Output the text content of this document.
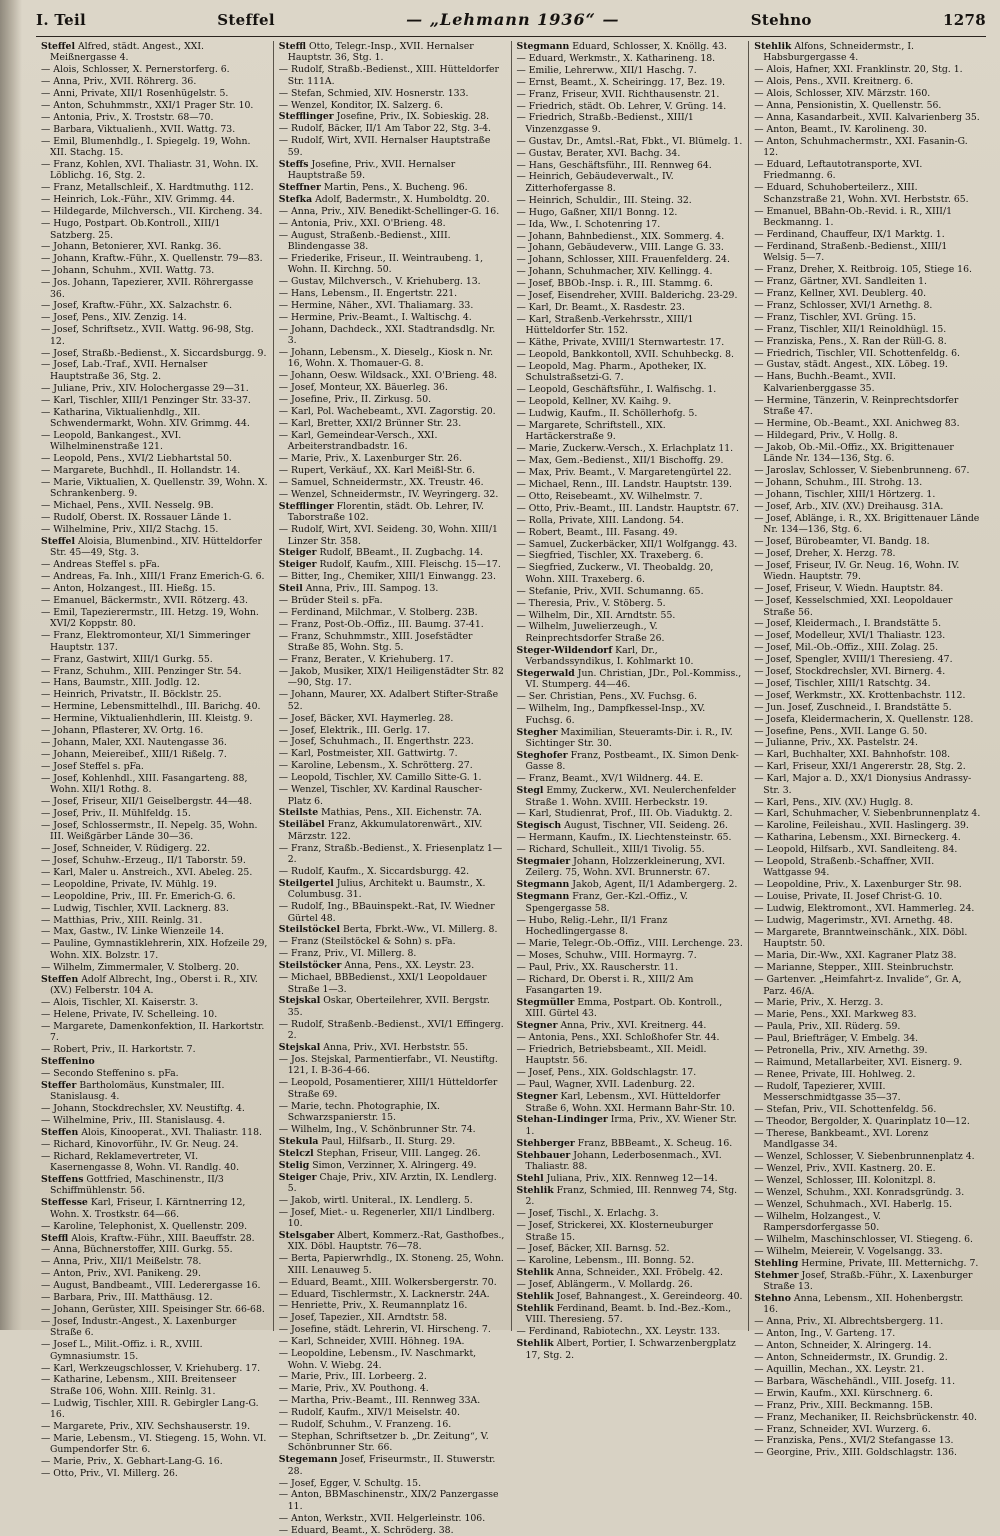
I. Teil	Steffel	— „Lehmann 1936“ —	Stehno	1278
Steffel Alfred, städt. Angest., XXI. Meißnergasse 4.
— Alois, Schlosser, X. Pernerstorferg. 6.
— Anna, Priv., XVII. Röhrerg. 36.
— Anni, Private, XII/1 Rosenhügelstr. 5.
— Anton, Schuhmmstr., XXI/1 Prager Str. 10.
— Antonia, Priv., X. Troststr. 68—70.
— Barbara, Viktualienh., XVII. Wattg. 73.
— Emil, Blumenhdlg., I. Spiegelg. 19, Wohn. XII. Stachg. 15.
— Franz, Kohlen, XVI. Thaliastr. 31, Wohn. IX. Löblichg. 16, Stg. 2.
— Franz, Metallschleif., X. Hardtmuthg. 112.
— Heinrich, Lok.-Führ., XIV. Grimmg. 44.
— Hildegarde, Milchversch., VII. Kircheng. 34.
— Hugo, Postpart. Ob.Kontroll., XIII/1 Satzberg. 25.
— Johann, Betonierer, XVI. Rankg. 36.
— Johann, Kraftw.-Führ., X. Quellenstr. 79—83.
— Johann, Schuhm., XVII. Wattg. 73.
— Jos. Johann, Tapezierer, XVII. Röhrergasse 36.
— Josef, Kraftw.-Führ., XX. Salzachstr. 6.
— Josef, Pens., XIV. Zenzig. 14.
— Josef, Schriftsetz., XVII. Wattg. 96-98, Stg. 12.
— Josef, Straßb.-Bedienst., X. Siccardsburgg. 9.
— Josef, Lab.-Traf., XVII. Hernalser Hauptstraße 36, Stg. 2.
— Juliane, Priv., XIV. Holochergasse 29—31.
— Karl, Tischler, XIII/1 Penzinger Str. 33-37.
— Katharina, Viktualienhdlg., XII. Schwendermarkt, Wohn. XIV. Grimmg. 44.
— Leopold, Bankangest., XVI. Wilhelminenstraße 121.
— Leopold, Pens., XVI/2 Liebhartstal 50.
— Margarete, Buchhdl., II. Hollandstr. 14.
— Marie, Viktualien, X. Quellenstr. 39, Wohn. X. Schrankenberg. 9.
— Michael, Pens., XVII. Nesselg. 9B.
— Rudolf, Oberst. IX. Rossauer Lände 1.
— Wilhelmine, Priv., XII/2 Stachg. 15.
Steffel Aloisia, Blumenbind., XIV. Hütteldorfer Str. 45—49, Stg. 3.
— Andreas Steffel s. pFa.
— Andreas, Fa. Inh., XIII/1 Franz Emerich-G. 6.
— Anton, Holzangest., III. Hießg. 15.
— Emanuel, Bäckermstr., XVII. Rötzerg. 43.
— Emil, Tapezierermstr., III. Hetzg. 19, Wohn. XVI/2 Koppstr. 80.
— Franz, Elektromonteur, XI/1 Simmeringer Hauptstr. 137.
— Franz, Gastwirt, XIII/1 Gurkg. 55.
— Franz, Schuhm., XIII. Penzinger Str. 54.
— Hans, Baumstr., XIII. Jodlg. 12.
— Heinrich, Privatstr., II. Böcklstr. 25.
— Hermine, Lebensmittelhdl., III. Barichg. 40.
— Hermine, Viktualienhdlerin, III. Kleistg. 9.
— Johann, Pflasterer, XV. Ortg. 16.
— Johann, Maler, XXI. Nautengasse 36.
— Johann, Meiereibef., XIII/1 Rißelg. 7.
— Josef Steffel s. pFa.
— Josef, Kohlenhdl., XIII. Fasangarteng. 88, Wohn. XII/1 Rothg. 8.
— Josef, Friseur, XII/1 Geiselbergstr. 44—48.
— Josef, Priv., II. Mühlfeldg. 15.
— Josef, Schlossermstr., II. Nepelg. 35, Wohn. III. Weißgärber Lände 30—36.
— Josef, Schneider, V. Rüdigerg. 22.
— Josef, Schuhw.-Erzeug., II/1 Taborstr. 59.
— Karl, Maler u. Anstreich., XVI. Abeleg. 25.
— Leopoldine, Private, IV. Mühlg. 19.
— Leopoldine, Priv., III. Fr. Emerich-G. 6.
— Ludwig, Tischler, XVII. Lacknerg. 83.
— Matthias, Priv., XIII. Reinlg. 31.
— Max, Gastw., IV. Linke Wienzeile 14.
— Pauline, Gymnastiklehrerin, XIX. Hofzeile 29, Wohn. XIX. Bolzstr. 17.
— Wilhelm, Zimmermaler, V. Stolberg. 20.
Steffen Adolf Albrecht, Ing., Oberst i. R., XIV. (XV.) Felberstr. 104 A.
— Alois, Tischler, XI. Kaiserstr. 3.
— Helene, Private, IV. Schelleing. 10.
— Margarete, Damenkonfektion, II. Harkortstr. 7.
— Robert, Priv., II. Harkortstr. 7.
Steffenino
— Secondo Steffenino s. pFa.
Steffer Bartholomäus, Kunstmaler, III. Stanislausg. 4.
— Johann, Stockdrechsler, XV. Neustiftg. 4.
— Wilhelmine, Priv., III. Stanislausg. 4.
Steffen Alois, Kinooperat., XVI. Thaliastr. 118.
— Richard, Kinovorführ., IV. Gr. Neug. 24.
— Richard, Reklamevertreter, VI. Kasernengasse 8, Wohn. VI. Randlg. 40.
Steffens Gottfried, Maschinenstr., II/3 Schiffmühlenstr. 56.
Steffesse Karl, Friseur, I. Kärntnerring 12, Wohn. X. Trostkstr. 64—66.
— Karoline, Telephonist, X. Quellenstr. 209.
Steffl Alois, Kraftw.-Führ., XIII. Baeuffstr. 28.
— Anna, Büchnerstoffer, XIII. Gurkg. 55.
— Anna, Priv., XII/1 Meißelstr. 78.
— Anton, Priv., XVI. Panikeng. 29.
— August, Bandbeamt., VIII. Lederergasse 16.
— Barbara, Priv., III. Matthäusg. 12.
— Johann, Gerüster, XIII. Speisinger Str. 66-68.
— Josef, Industr.-Angest., X. Laxenburger Straße 6.
— Josef L., Milit.-Offiz. i. R., XVIII. Gymnasiumstr. 15.
— Karl, Werkzeugschlosser, V. Kriehuberg. 17.
— Katharine, Lebensm., XIII. Breitenseer Straße 106, Wohn. XIII. Reinlg. 31.
— Ludwig, Tischler, XIII. R. Gebirgler Lang-G. 16.
— Margarete, Priv., XIV. Sechshauserstr. 19.
— Marie, Lebensm., VI. Stiegeng. 15, Wohn. VI. Gumpendorfer Str. 6.
— Marie, Priv., X. Gebhart-Lang-G. 16.
— Otto, Priv., VI. Millerg. 26.
Steffl Otto, Telegr.-Insp., XVII. Hernalser Hauptstr. 36, Stg. 1.
— Rudolf, Straßb.-Bedienst., XIII. Hütteldorfer Str. 111A.
— Stefan, Schmied, XIV. Hosnerstr. 133.
— Wenzel, Konditor, IX. Salzerg. 6.
Stefflinger Josefine, Priv., IX. Sobieskig. 28.
— Rudolf, Bäcker, II/1 Am Tabor 22, Stg. 3-4.
— Rudolf, Wirt, XVII. Hernalser Hauptstraße 59.
Steffs Josefine, Priv., XVII. Hernalser Hauptstraße 59.
Steffner Martin, Pens., X. Bucheng. 96.
Stefka Adolf, Badermstr., X. Humboldtg. 20.
— Anna, Priv., XIV. Benedikt-Schellinger-G. 16.
— Antonia, Priv., XXI. O'Brieng. 48.
— August, Straßenb.-Bedienst., XIII. Blindengasse 38.
— Friederike, Friseur., II. Weintraubeng. 1, Wohn. II. Kirchng. 50.
— Gustav, Milchversch., V. Kriehuberg. 13.
— Hans, Lebensm., II. Engertstr. 221.
— Hermine, Näher., XVI. Thaliamarg. 33.
— Hermine, Priv.-Beamt., I. Waltischg. 4.
— Johann, Dachdeck., XXI. Stadtrandsdlg. Nr. 3.
— Johann, Lebensm., X. Dieselg., Kiosk n. Nr. 16, Wohn. X. Thomauer-G. 8.
— Johann, Oesw. Wildsack., XXI. O'Brieng. 48.
— Josef, Monteur, XX. Bäuerleg. 36.
— Josefine, Priv., II. Zirkusg. 50.
— Karl, Pol. Wachebeamt., XVI. Zagorstig. 20.
— Karl, Bretter, XXI/2 Brünner Str. 23.
— Karl, Gemeindear-Versch., XXI. Arbeiterstrandbadstr. 16.
— Marie, Priv., X. Laxenburger Str. 26.
— Rupert, Verkäuf., XX. Karl Meißl-Str. 6.
— Samuel, Schneidermstr., XX. Treustr. 46.
— Wenzel, Schneidermstr., IV. Weyringerg. 32.
Stefflinger Florentin, städt. Ob. Lehrer, IV. Taborstraße 102.
— Rudolf, Wirt, XVI. Seideng. 30, Wohn. XIII/1 Linzer Str. 358.
Steiger Rudolf, BBeamt., II. Zugbachg. 14.
Steiger Rudolf, Kaufm., XIII. Fleischg. 15—17.
— Bitter, Ing., Chemiker, XIII/1 Einwangg. 23.
Steil Anna, Priv., III. Sampog. 13.
— Brüder Steil s. pFa.
— Ferdinand, Milchmar., V. Stolberg. 23B.
— Franz, Post-Ob.-Offiz., III. Baumg. 37-41.
— Franz, Schuhmmstr., XIII. Josefstädter Straße 85, Wohn. Stg. 5.
— Franz, Berater., V. Kriehuberg. 17.
— Jakob, Musiker, XIX/1 Heiligenstädter Str. 82—90, Stg. 17.
— Johann, Maurer, XX. Adalbert Stifter-Straße 52.
— Josef, Bäcker, XVI. Haymerleg. 28.
— Josef, Elektrik., III. Gerlg. 17.
— Josef, Schuhmach., II. Engerthstr. 223.
— Karl, Postmeister, XII. Gattwirtg. 7.
— Karoline, Lebensm., X. Schrötterg. 27.
— Leopold, Tischler, XV. Camillo Sitte-G. 1.
— Wenzel, Tischler, XV. Kardinal Rauscher-Platz 6.
Steilste Mathias, Pens., XII. Eichenstr. 7A.
Steiläbel Franz, Akkumulatorenwärt., XIV. Märzstr. 122.
— Franz, Straßb.-Bedienst., X. Friesenplatz 1—2.
— Rudolf, Kaufm., X. Siccardsburgg. 42.
Steilgertel Julius, Architekt u. Baumstr., X. Columbusg. 31.
— Rudolf, Ing., BBauinspekt.-Rat, IV. Wiedner Gürtel 48.
Steilstöckel Berta, Fbrkt.-Ww., VI. Millerg. 8.
— Franz (Steilstöckel & Sohn) s. pFa.
— Franz, Priv., VI. Millerg. 8.
Steilstöcker Anna, Pens., XX. Leystr. 23.
— Michael, BBBedienst., XXI/1 Leopoldauer Straße 1—3.
Stejskal Oskar, Oberteilehrer, XVII. Bergstr. 35.
— Rudolf, Straßenb.-Bedienst., XVI/1 Effingerg. 2.
Stejskal Anna, Priv., XVI. Herbststr. 55.
— Jos. Stejskal, Parmentierfabr., VI. Neustiftg. 121, I. B-36-4-66.
— Leopold, Posamentierer, XIII/1 Hütteldorfer Straße 69.
— Marie, techn. Photographie, IX. Schwarzspanierstr. 15.
— Wilhelm, Ing., V. Schönbrunner Str. 74.
Stekula Paul, Hilfsarb., II. Sturg. 29.
Stelczl Stephan, Friseur, VIII. Langeg. 26.
Stelig Simon, Verzinner, X. Alringerg. 49.
Steiger Chaje, Priv., XIV. Arztin, IX. Lendlerg. 5.
— Jakob, wirtl. Uniteral., IX. Lendlerg. 5.
— Josef, Miet.- u. Regenerler, XII/1 Lindlberg. 10.
Stelsgaber Albert, Kommerz.-Rat, Gasthofbes., XIX. Döbl. Hauptstr. 76—78.
— Berta, Papierwrhdlg., IX. Stoneng. 25, Wohn. XIII. Lenauweg 5.
— Eduard, Beamt., XIII. Wolkersbergerstr. 70.
— Eduard, Tischlermstr., X. Lacknerstr. 24A.
— Henriette, Priv., X. Reumannplatz 16.
— Josef, Tapezier., XII. Arndtstr. 58.
— Josefine, städt. Lehrerin, VI. Hirscheng. 7.
— Karl, Schneider, XVIII. Höhneg. 19A.
— Leopoldine, Lebensm., IV. Naschmarkt, Wohn. V. Wiebg. 24.
— Marie, Priv., III. Lorbeerg. 2.
— Marie, Priv., XV. Pouthong. 4.
— Martha, Priv.-Beamt., III. Rennweg 33A.
— Rudolf, Kaufm., XIV/1 Meiselstr. 40.
— Rudolf, Schuhm., V. Franzeng. 16.
— Stephan, Schriftsetzer b. „Dr. Zeitung“, V. Schönbrunner Str. 66.
Stegemann Josef, Friseurmstr., II. Stuwerstr. 28.
— Josef, Egger, V. Schultg. 15.
— Anton, BBMaschinenstr., XIX/2 Panzergasse 11.
— Anton, Werkstr., XVII. Helgerleinstr. 106.
— Eduard, Beamt., X. Schröderg. 38.
Stegmann Eduard, Schlosser, X. Knöllg. 43.
— Eduard, Werkmstr., X. Katharineng. 18.
— Emilie, Lehrerww., XII/1 Haschg. 7.
— Ernst, Beamt., X. Scheiringg. 17, Bez. 19.
— Franz, Friseur, XVII. Richthausenstr. 21.
— Friedrich, städt. Ob. Lehrer, V. Grüng. 14.
— Friedrich, Straßb.-Bedienst., XIII/1 Vinzenzgasse 9.
— Gustav, Dr., Amtsl.-Rat, Fbkt., VI. Blümelg. 1.
— Gustav, Berater, XVI. Bachg. 34.
— Hans, Geschäftsführ., III. Rennweg 64.
— Heinrich, Gebäudeverwalt., IV. Zitterhofergasse 8.
— Heinrich, Schuldir., III. Steing. 32.
— Hugo, Gaßner, XII/1 Bonng. 12.
— Ida, Ww., I. Schotenring 17.
— Johann, Bahnbedienst., XIX. Sommerg. 4.
— Johann, Gebäudeverw., VIII. Lange G. 33.
— Johann, Schlosser, XIII. Frauenfelderg. 24.
— Johann, Schuhmacher, XIV. Kellingg. 4.
— Josef, BBOb.-Insp. i. R., III. Stammg. 6.
— Josef, Eisendreher, XVIII. Balderichg. 23-29.
— Karl, Dr. Beamt., X. Rasdestr. 23.
— Karl, Straßenb.-Verkehrsstr., XIII/1 Hütteldorfer Str. 152.
— Käthe, Private, XVIII/1 Sternwartestr. 17.
— Leopold, Bankkontoll, XVII. Schuhbeckg. 8.
— Leopold, Mag. Pharm., Apotheker, IX. Schulstraßsetzi-G. 7.
— Leopold, Geschäftsführ., I. Walfischg. 1.
— Leopold, Kellner, XV. Kaihg. 9.
— Ludwig, Kaufm., II. Schöllerhofg. 5.
— Margarete, Schriftstell., XIX. Hartäckerstraße 9.
— Marie, Zuckerw.-Versch., X. Erlachplatz 11.
— Max, Gem.-Bedienst., XII/1 Bischoffg. 29.
— Max, Priv. Beamt., V. Margaretengürtel 22.
— Michael, Renn., III. Landstr. Hauptstr. 139.
— Otto, Reisebeamt., XV. Wilhelmstr. 7.
— Otto, Priv.-Beamt., III. Landstr. Hauptstr. 67.
— Rolla, Private, XIII. Landong. 54.
— Robert, Beamt., III. Fasang. 49.
— Samuel, Zuckerbäcker, XII/1 Wolfgangg. 43.
— Siegfried, Tischler, XX. Traxeberg. 6.
— Siegfried, Zuckerw., VI. Theobaldg. 20, Wohn. XIII. Traxeberg. 6.
— Stefanie, Priv., XVII. Schumanng. 65.
— Theresia, Priv., V. Stöberg. 5.
— Wilhelm, Dir., XII. Arndtstr. 55.
— Wilhelm, Juwelierzeugh., V. Reinprechtsdorfer Straße 26.
Steger-Wildendorf Karl, Dr., Verbandssyndikus, I. Kohlmarkt 10.
Stegerwald Jun. Christian, JDr., Pol.-Kommiss., VI. Stumperg. 44—46.
— Ser. Christian, Pens., XV. Fuchsg. 6.
— Wilhelm, Ing., Dampfkessel-Insp., XV. Fuchsg. 6.
Stegher Maximilian, Steueramts-Dir. i. R., IV. Sichtinger Str. 30.
Steghofer Franz, Postbeamt., IX. Simon Denk-Gasse 8.
— Franz, Beamt., XV/1 Wildnerg. 44. E.
Stegl Emmy, Zuckerw., XVI. Neulerchenfelder Straße 1. Wohn. XVIII. Herbeckstr. 19.
— Karl, Studienrat, Prof., III. Ob. Viaduktg. 2.
Stegisch August, Tischner, VII. Seideng. 26.
— Hermann, Kaufm., IX. Liechtensteinstr. 65.
— Richard, Schulleit., XIII/1 Tivolig. 55.
Stegmaier Johann, Holzzerkleinerung, XVI. Zeilerg. 75, Wohn. XVI. Brunnerstr. 67.
Stegmann Jakob, Agent, II/1 Adambergerg. 2.
Stegmann Franz, Ger.-Kzl.-Offiz., V. Spengergasse 58.
— Hubo, Relig.-Lehr., II/1 Franz Hochedlingergasse 8.
— Marie, Telegr.-Ob.-Offiz., VIII. Lerchenge. 23.
— Moses, Schuhw., VIII. Hormayrg. 7.
— Paul, Priv., XX. Rauscherstr. 11.
— Richard, Dr. Oberst i. R., XIII/2 Am Fasangarten 19.
Stegmüller Emma, Postpart. Ob. Kontroll., XIII. Gürtel 43.
Stegner Anna, Priv., XVI. Kreitnerg. 44.
— Antonia, Pens., XXI. Schloßhofer Str. 44.
— Friedrich, Betriebsbeamt., XII. Meidl. Hauptstr. 56.
— Josef, Pens., XIX. Goldschlagstr. 17.
— Paul, Wagner, XVII. Ladenburg. 22.
Stegner Karl, Lebensm., XVI. Hütteldorfer Straße 6, Wohn. XXI. Hermann Bahr-Str. 10.
Stehan-Lindinger Irma, Priv., XV. Wiener Str. 1.
Stehberger Franz, BBBeamt., X. Scheug. 16.
Stehbauer Johann, Lederbosenmach., XVI. Thaliastr. 88.
Stehl Juliana, Priv., XIX. Rennweg 12—14.
Stehlik Franz, Schmied, III. Rennweg 74, Stg. 2.
— Josef, Tischl., X. Erlachg. 3.
— Josef, Strickerei, XX. Klosterneuburger Straße 15.
— Josef, Bäcker, XII. Barnsg. 52.
— Karoline, Lebensm., III. Bonng. 52.
Stehlik Anna, Schneider., XXI. Fröbelg. 42.
— Josef, Ablängerm., V. Mollardg. 26.
Stehlik Josef, Bahnangest., X. Gereindeorg. 40.
Stehlik Ferdinand, Beamt. b. Ind.-Bez.-Kom., VIII. Theresieng. 57.
— Ferdinand, Rabiotechn., XX. Leystr. 133.
Stehlik Albert, Portier, I. Schwarzenbergplatz 17, Stg. 2.
Stehlik Alfons, Schneidermstr., I. Habsburgergasse 4.
— Alois, Hafner, XXI. Franklinstr. 20, Stg. 1.
— Alois, Pens., XVII. Kreitnerg. 6.
— Alois, Schlosser, XIV. Märzstr. 160.
— Anna, Pensionistin, X. Quellenstr. 56.
— Anna, Kasandarbeit., XVII. Kalvarienberg 35.
— Anton, Beamt., IV. Karolineng. 30.
— Anton, Schuhmachermstr., XXI. Fasanin-G. 12.
— Eduard, Leftautotransporte, XVI. Friedmanng. 6.
— Eduard, Schuhoberteilerz., XIII. Schanzstraße 21, Wohn. XVI. Herbststr. 65.
— Emanuel, BBahn-Ob.-Revid. i. R., XIII/1 Beckmanng. 1.
— Ferdinand, Chauffeur, IX/1 Marktg. 1.
— Ferdinand, Straßenb.-Bedienst., XIII/1 Welsig. 5—7.
— Franz, Dreher, X. Reitbroig. 105, Stiege 16.
— Franz, Gärtner, XVI. Sandleiten 1.
— Franz, Kellner, XVI. Deublerg. 40.
— Franz, Schlosser, XVI/1 Arnethg. 8.
— Franz, Tischler, XVI. Grüng. 15.
— Franz, Tischler, XII/1 Reinoldhügl. 15.
— Franziska, Pens., X. Ran der Rüll-G. 8.
— Friedrich, Tischler, VII. Schottenfeldg. 6.
— Gustav, städt. Angest., XIX. Löbeg. 19.
— Hans, Buchh.-Beamt., XVII. Kalvarienberggasse 35.
— Hermine, Tänzerin, V. Reinprechtsdorfer Straße 47.
— Hermine, Ob.-Beamt., XXI. Anichweg 83.
— Hildegard, Priv., V. Hollg. 8.
— Jakob, Ob.-Mil.-Offiz., XX. Brigittenauer Lände Nr. 134—136, Stg. 6.
— Jaroslav, Schlosser, V. Siebenbrunneng. 67.
— Johann, Schuhm., III. Strohg. 13.
— Johann, Tischler, XIII/1 Hörtzerg. 1.
— Josef, Arb., XIV. (XV.) Dreihausg. 31A.
— Josef, Ablänge, i. R., XX. Brigittenauer Lände Nr. 134—136, Stg. 6.
— Josef, Bürobeamter, VI. Bandg. 18.
— Josef, Dreher, X. Herzg. 78.
— Josef, Friseur, IV. Gr. Neug. 16, Wohn. IV. Wiedn. Hauptstr. 79.
— Josef, Friseur, V. Wiedn. Hauptstr. 84.
— Josef, Kesselschmied, XXI. Leopoldauer Straße 56.
— Josef, Kleidermach., I. Brandstätte 5.
— Josef, Modelleur, XVI/1 Thaliastr. 123.
— Josef, Mil.-Ob.-Offiz., XIII. Zolag. 25.
— Josef, Spengler, XVIII/1 Theresieng. 47.
— Josef, Stockdrechsler, XVI. Birnerg. 4.
— Josef, Tischler, XIII/1 Ratschtg. 34.
— Josef, Werkmstr., XX. Krottenbachstr. 112.
— Jun. Josef, Zuschneid., I. Brandstätte 5.
— Josefa, Kleidermacherin, X. Quellenstr. 128.
— Josefine, Pens., XVII. Lange G. 50.
— Julianne, Priv., XX. Pastelstr. 24.
— Karl, Buchhalter, XXI. Bahnhofstr. 108.
— Karl, Friseur, XXI/1 Angererstr. 28, Stg. 2.
— Karl, Major a. D., XX/1 Dionysius Andrassy-Str. 3.
— Karl, Pens., XIV. (XV.) Huglg. 8.
— Karl, Schuhmacher, V. Siebenbrunnenplatz 4.
— Karoline, Feileishau., XVII. Haslingerg. 39.
— Katharina, Lebensm., XXI. Birneckerg. 4.
— Leopold, Hilfsarb., XVI. Sandleiteng. 84.
— Leopold, Straßenb.-Schaffner, XVII. Wattgasse 94.
— Leopoldine, Priv., X. Laxenburger Str. 98.
— Louise, Private, II. Josef Christ-G. 10.
— Ludwig, Elektromont., XVI. Hammerleg. 24.
— Ludwig, Magerimstr., XVI. Arnethg. 48.
— Margarete, Branntweinschänk., XIX. Döbl. Hauptstr. 50.
— Maria, Dir.-Ww., XXI. Kagraner Platz 38.
— Marianne, Stepper., XIII. Steinbruchstr.
— Gartenver. „Heimfahrt-z. Invalide“, Gr. A, Parz. 46/A.
— Marie, Priv., X. Herzg. 3.
— Marie, Pens., XXI. Markweg 83.
— Paula, Priv., XII. Rüderg. 59.
— Paul, Briefträger, V. Embelg. 34.
— Petronella, Priv., XIV. Arnethg. 39.
— Raimund, Metallarbeiter, XVI. Eisnerg. 9.
— Renee, Private, III. Hohlweg. 2.
— Rudolf, Tapezierer, XVIII. Messerschmidtgasse 35—37.
— Stefan, Priv., VII. Schottenfeldg. 56.
— Theodor, Bergolder, X. Quarinplatz 10—12.
— Therese, Bankbeamt., XVI. Lorenz Mandlgasse 34.
— Wenzel, Schlosser, V. Siebenbrunnenplatz 4.
— Wenzel, Priv., XVII. Kastnerg. 20. E.
— Wenzel, Schlosser, III. Kolonitzpl. 8.
— Wenzel, Schuhm., XXI. Konradsgründg. 3.
— Wenzel, Schuhmach., XVI. Haberlg. 15.
— Wilhelm, Holzangest., V. Rampersdorfergasse 50.
— Wilhelm, Maschinschlosser, VI. Stiegeng. 6.
— Wilhelm, Meiereir, V. Vogelsangg. 33.
Stehling Hermine, Private, III. Metternichg. 7.
Stehmer Josef, Straßb.-Führ., X. Laxenburger Straße 13.
Stehno Anna, Lebensm., XII. Hohenbergstr. 16.
— Anna, Priv., XI. Albrechtsbergerg. 11.
— Anton, Ing., V. Garteng. 17.
— Anton, Schneider, X. Alringerg. 14.
— Anton, Schneidermstr., IX. Grundig. 2.
— Aquillin, Mechan., XX. Leystr. 21.
— Barbara, Wäschehändl., VIII. Josefg. 11.
— Erwin, Kaufm., XXI. Kürschnerg. 6.
— Franz, Priv., XIII. Beckmanng. 15B.
— Franz, Mechaniker, II. Reichsbrückenstr. 40.
— Franz, Schneider, XVI. Wurzerg. 6.
— Franziska, Pens., XVI/2 Stefangasse 13.
— Georgine, Priv., XIII. Goldschlagstr. 136.
